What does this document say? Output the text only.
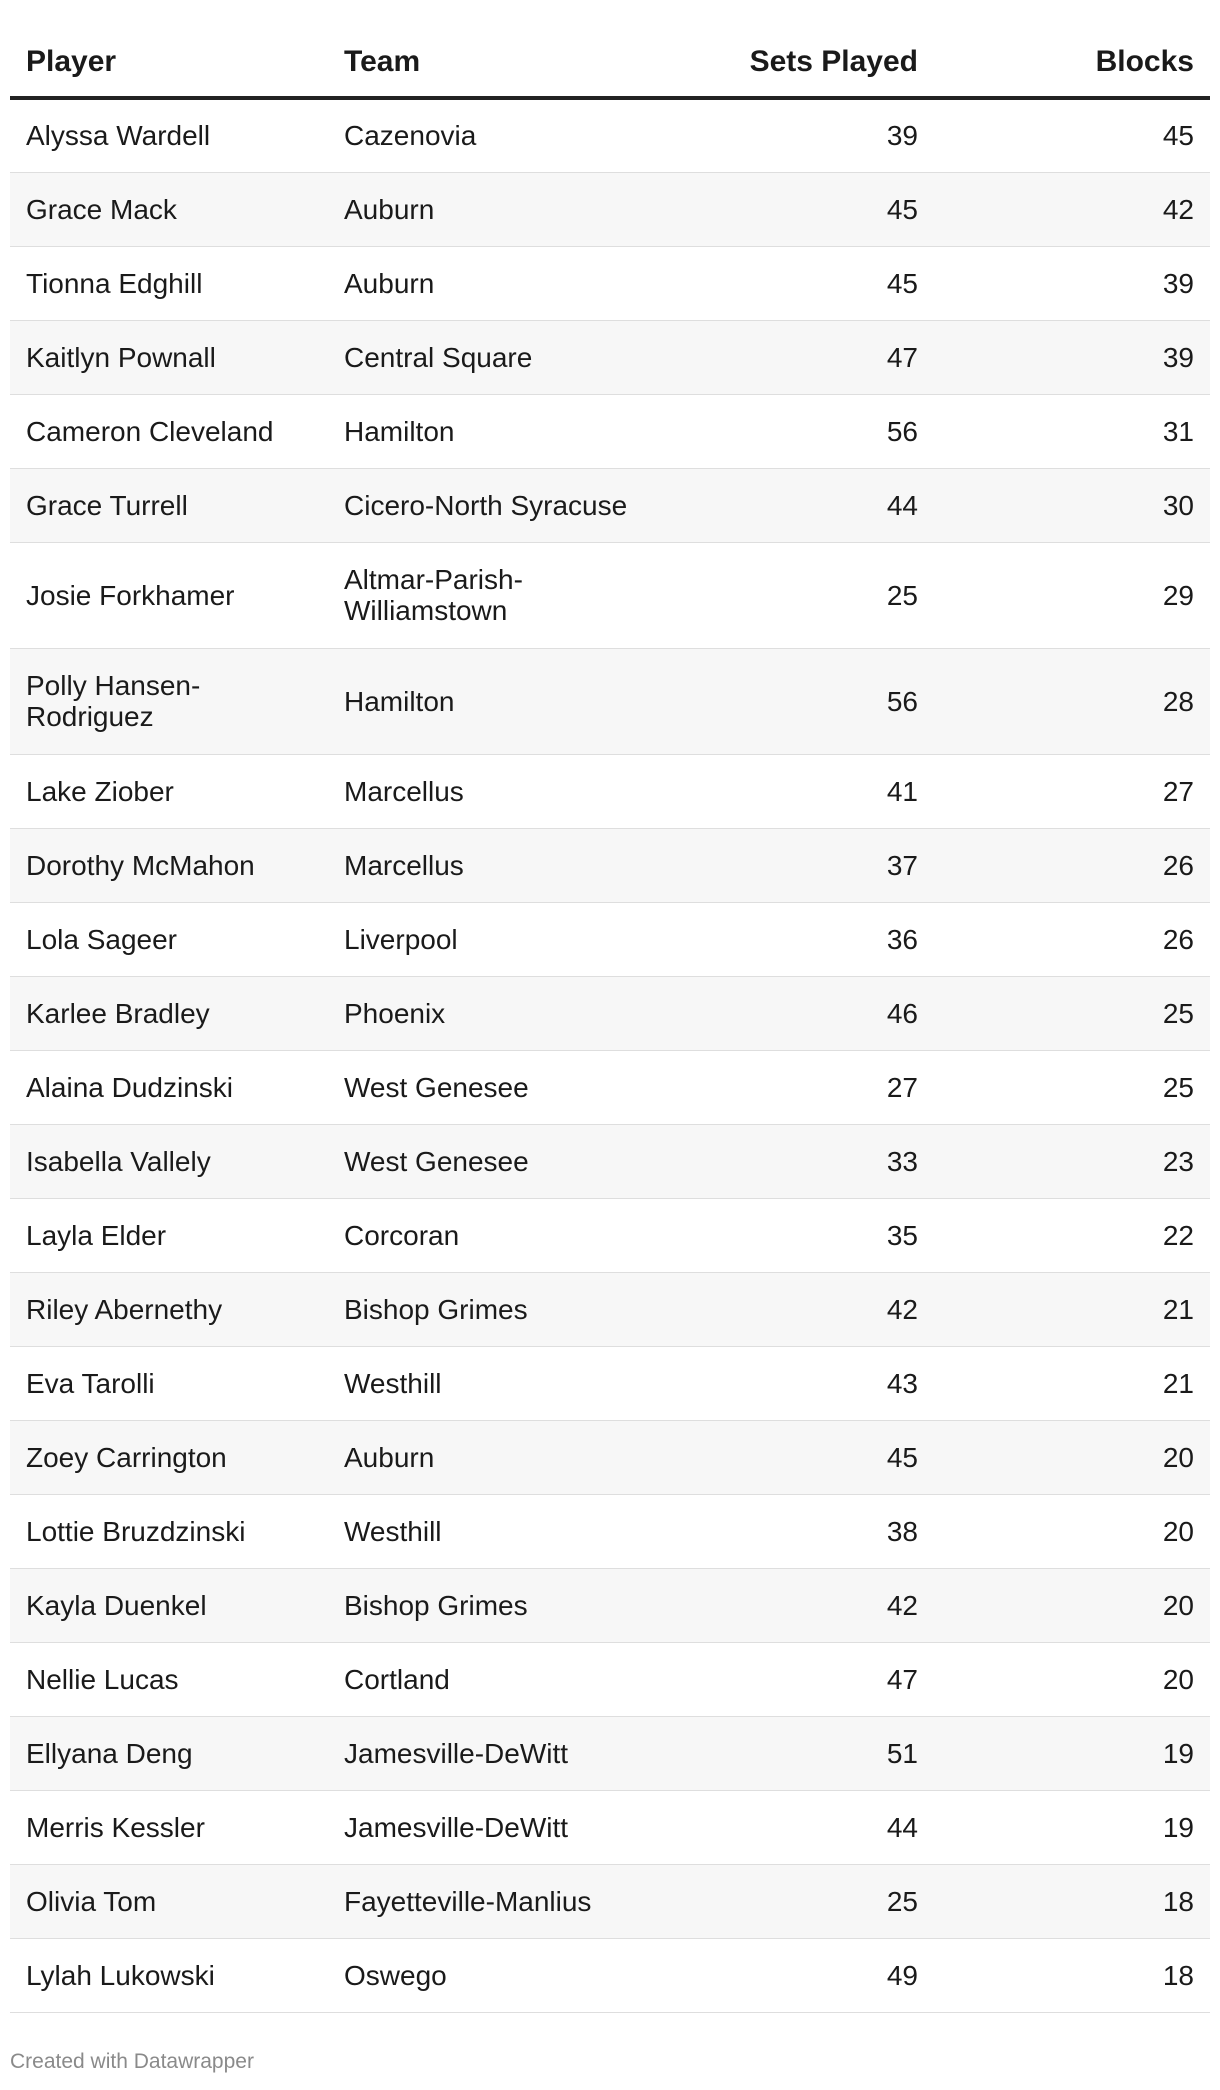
Player	Team	Sets Played	Blocks
Alyssa Wardell	Cazenovia	39	45
Grace Mack	Auburn	45	42
Tionna Edghill	Auburn	45	39
Kaitlyn Pownall	Central Square	47	39
Cameron Cleveland	Hamilton	56	31
Grace Turrell	Cicero-North Syracuse	44	30
Josie Forkhamer	Altmar-Parish-Williamstown	25	29
Polly Hansen-Rodriguez	Hamilton	56	28
Lake Ziober	Marcellus	41	27
Dorothy McMahon	Marcellus	37	26
Lola Sageer	Liverpool	36	26
Karlee Bradley	Phoenix	46	25
Alaina Dudzinski	West Genesee	27	25
Isabella Vallely	West Genesee	33	23
Layla Elder	Corcoran	35	22
Riley Abernethy	Bishop Grimes	42	21
Eva Tarolli	Westhill	43	21
Zoey Carrington	Auburn	45	20
Lottie Bruzdzinski	Westhill	38	20
Kayla Duenkel	Bishop Grimes	42	20
Nellie Lucas	Cortland	47	20
Ellyana Deng	Jamesville-DeWitt	51	19
Merris Kessler	Jamesville-DeWitt	44	19
Olivia Tom	Fayetteville-Manlius	25	18
Lylah Lukowski	Oswego	49	18
Created with Datawrapper
